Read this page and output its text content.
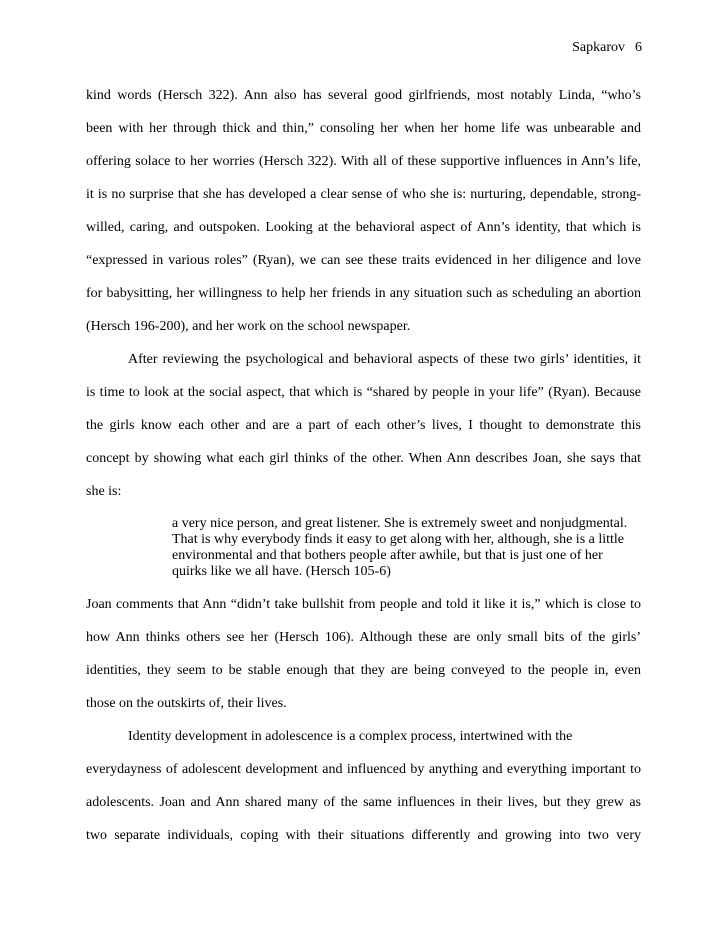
Sapkarov 6
kind words (Hersch 322). Ann also has several good girlfriends, most notably Linda, “who’s
been with her through thick and thin,” consoling her when her home life was unbearable and
offering solace to her worries (Hersch 322). With all of these supportive influences in Ann’s life,
it is no surprise that she has developed a clear sense of who she is: nurturing, dependable, strong-
willed, caring, and outspoken. Looking at the behavioral aspect of Ann’s identity, that which is
“expressed in various roles” (Ryan), we can see these traits evidenced in her diligence and love
for babysitting, her willingness to help her friends in any situation such as scheduling an abortion
(Hersch 196-200), and her work on the school newspaper.
After reviewing the psychological and behavioral aspects of these two girls’ identities, it
is time to look at the social aspect, that which is “shared by people in your life” (Ryan). Because
the girls know each other and are a part of each other’s lives, I thought to demonstrate this
concept by showing what each girl thinks of the other. When Ann describes Joan, she says that
she is:
a very nice person, and great listener. She is extremely sweet and nonjudgmental.
That is why everybody finds it easy to get along with her, although, she is a little
environmental and that bothers people after awhile, but that is just one of her
quirks like we all have. (Hersch 105-6)
Joan comments that Ann “didn’t take bullshit from people and told it like it is,” which is close to
how Ann thinks others see her (Hersch 106). Although these are only small bits of the girls’
identities, they seem to be stable enough that they are being conveyed to the people in, even
those on the outskirts of, their lives.
Identity development in adolescence is a complex process, intertwined with the
everydayness of adolescent development and influenced by anything and everything important to
adolescents. Joan and Ann shared many of the same influences in their lives, but they grew as
two separate individuals, coping with their situations differently and growing into two very
